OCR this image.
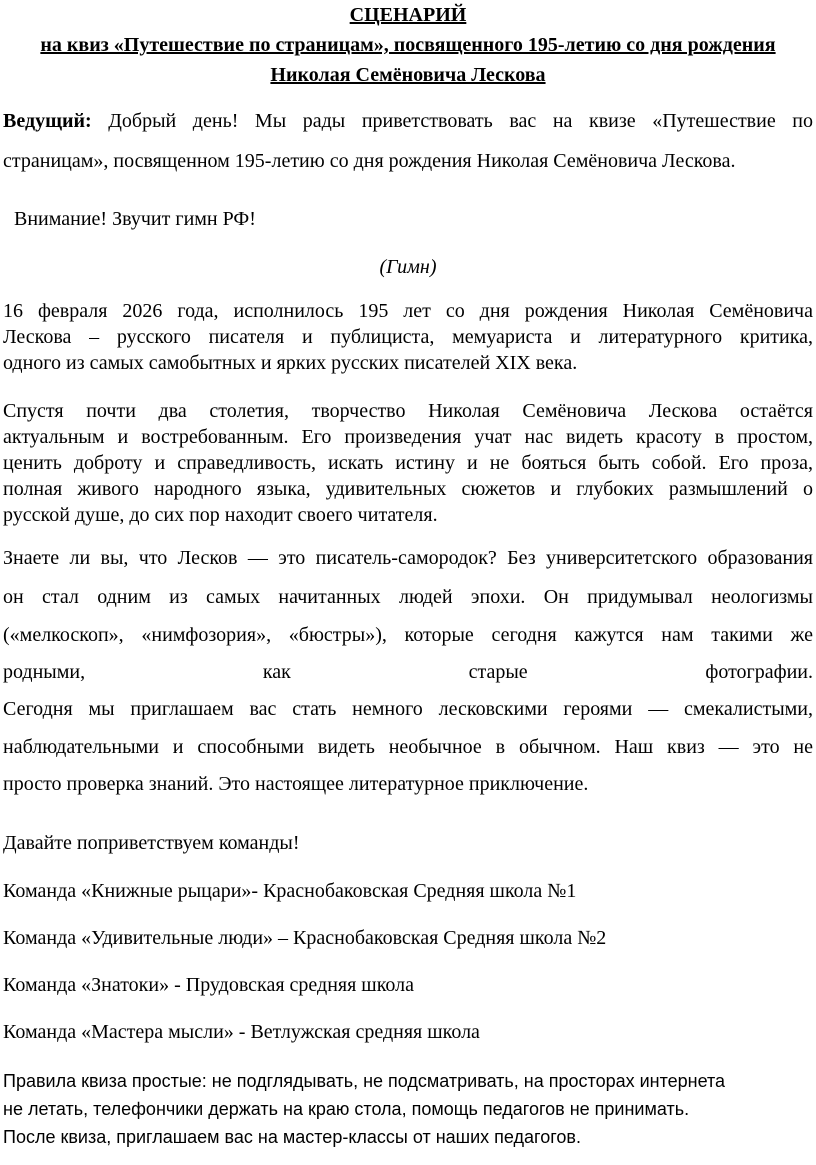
СЦЕНАРИЙ
на квиз «Путешествие по страницам», посвященного 195-летию со дня рождения
Николая Семёновича Лескова
Ведущий: Добрый день! Мы рады приветствовать вас на квизе «Путешествие по
страницам», посвященном 195-летию со дня рождения Николая Семёновича Лескова.
Внимание! Звучит гимн РФ!
(Гимн)
16 февраля 2026 года, исполнилось 195 лет со дня рождения Николая Семёновича
Лескова – русского писателя и публициста, мемуариста и литературного критика,
одного из самых самобытных и ярких русских писателей XIX века.
Спустя почти два столетия, творчество Николая Семёновича Лескова остаётся
актуальным и востребованным. Его произведения учат нас видеть красоту в простом,
ценить доброту и справедливость, искать истину и не бояться быть собой. Его проза,
полная живого народного языка, удивительных сюжетов и глубоких размышлений о
русской душе, до сих пор находит своего читателя.
Знаете ли вы, что Лесков — это писатель-самородок? Без университетского образования
он стал одним из самых начитанных людей эпохи. Он придумывал неологизмы
(«мелкоскоп», «нимфозория», «бюстры»), которые сегодня кажутся нам такими же
родными, как старые фотографии.
Сегодня мы приглашаем вас стать немного лесковскими героями — смекалистыми,
наблюдательными и способными видеть необычное в обычном. Наш квиз — это не
просто проверка знаний. Это настоящее литературное приключение.
Давайте поприветствуем команды!
Команда «Книжные рыцари»- Краснобаковская Средняя школа №1
Команда «Удивительные люди» – Краснобаковская Средняя школа №2
Команда «Знатоки» - Прудовская средняя школа
Команда «Мастера мысли» - Ветлужская средняя школа
Правила квиза простые: не подглядывать, не подсматривать, на просторах интернета
не летать, телефончики держать на краю стола, помощь педагогов не принимать.
После квиза, приглашаем вас на мастер-классы от наших педагогов.
